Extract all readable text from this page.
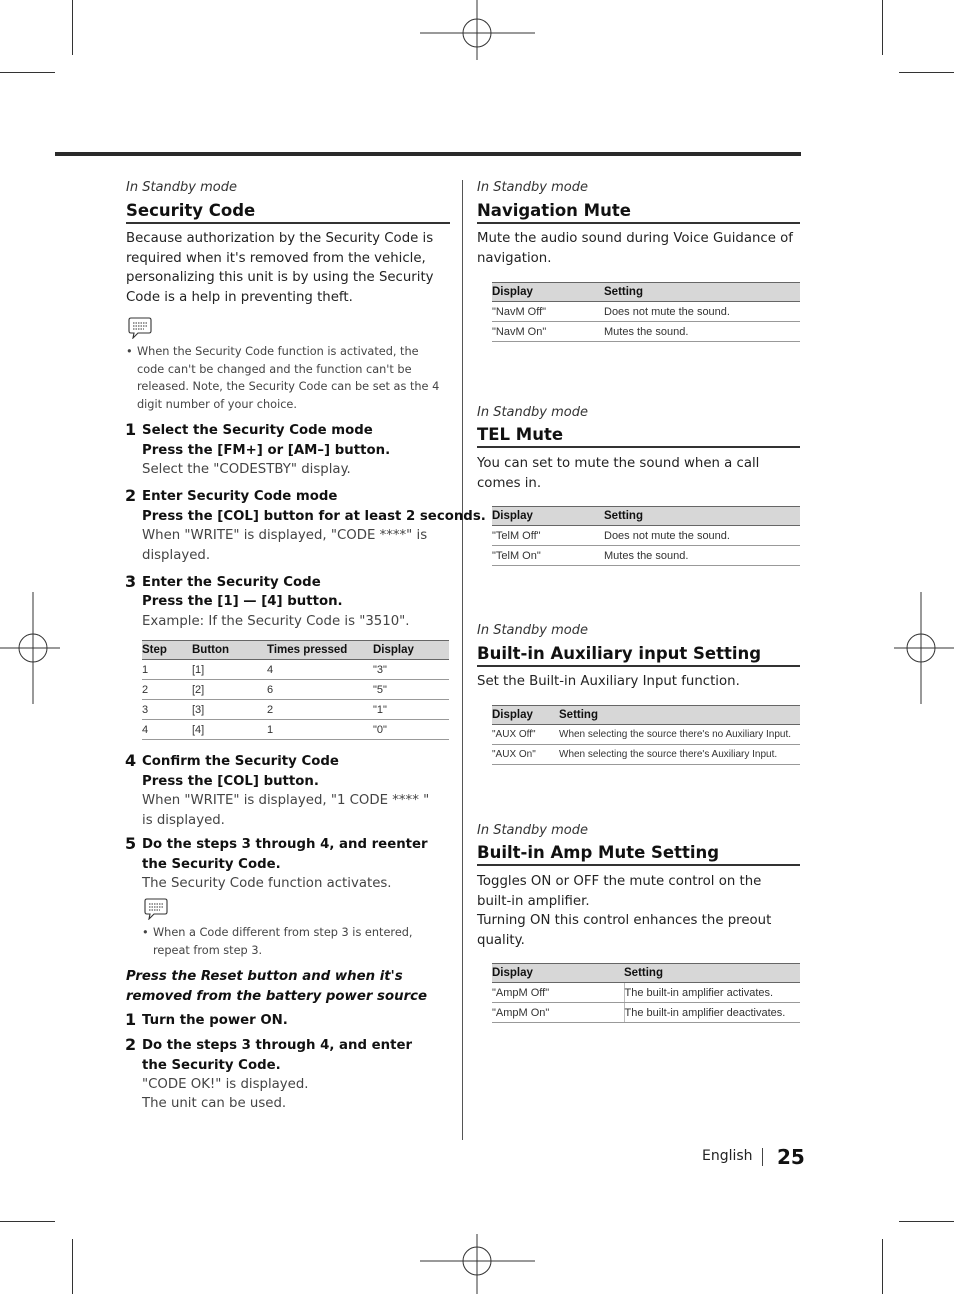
In Standby mode
Security Code
Because authorization by the Security Code is required when it's removed from the vehicle, personalizing this unit is by using the Security Code is a help in preventing theft.
• When the Security Code function is activated, the code can't be changed and the function can't be released. Note, the Security Code can be set as the 4 digit number of your choice.
1 Select the Security Code mode
Press the [FM+] or [AM–] button.
Select the "CODESTBY" display.
2 Enter Security Code mode
Press the [COL] button for at least 2 seconds.
When "WRITE" is displayed, "CODE ****" is displayed.
3 Enter the Security Code
Press the [1] — [4] button.
Example: If the Security Code is "3510".
Step	Button	Times pressed	Display
1	[1]	4	"3"
2	[2]	6	"5"
3	[3]	2	"1"
4	[4]	1	"0"
4 Confirm the Security Code
Press the [COL] button.
When "WRITE" is displayed, "1 CODE **** " is displayed.
5 Do the steps 3 through 4, and reenter the Security Code.
The Security Code function activates.
• When a Code different from step 3 is entered, repeat from step 3.
Press the Reset button and when it's removed from the battery power source
1 Turn the power ON.
2 Do the steps 3 through 4, and enter the Security Code.
"CODE OK!" is displayed.
The unit can be used.
In Standby mode
Navigation Mute
Mute the audio sound during Voice Guidance of navigation.
Display	Setting
"NavM Off"	Does not mute the sound.
"NavM On"	Mutes the sound.
In Standby mode
TEL Mute
You can set to mute the sound when a call comes in.
Display	Setting
"TelM Off"	Does not mute the sound.
"TelM On"	Mutes the sound.
In Standby mode
Built-in Auxiliary input Setting
Set the Built-in Auxiliary Input function.
Display	Setting
"AUX Off"	When selecting the source there's no Auxiliary Input.
"AUX On"	When selecting the source there's Auxiliary Input.
In Standby mode
Built-in Amp Mute Setting
Toggles ON or OFF the mute control on the built-in amplifier.
Turning ON this control enhances the preout quality.
Display	Setting
"AmpM Off"	The built-in amplifier activates.
"AmpM On"	The built-in amplifier deactivates.
English 25
